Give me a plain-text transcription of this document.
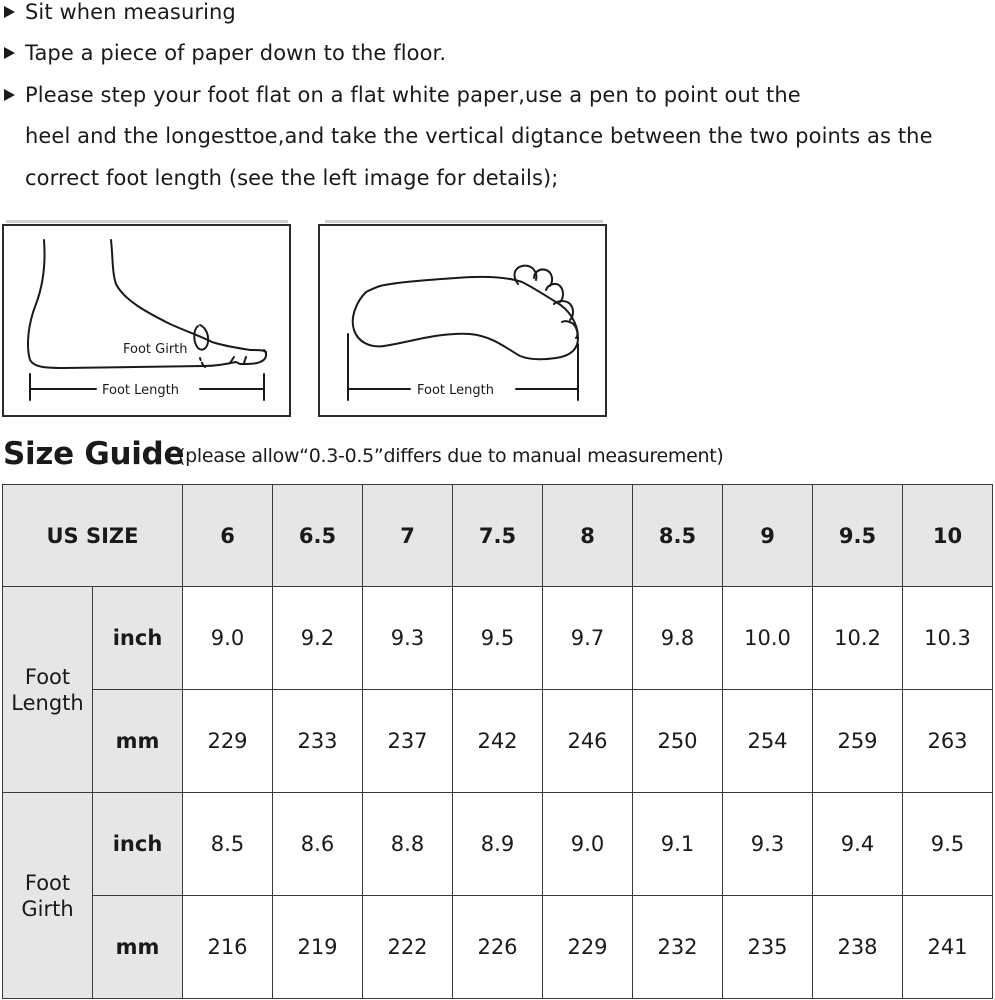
Sit when measuring
Tape a piece of paper down to the floor.
Please step your foot flat on a flat white paper,use a pen to point out the
heel and the longesttoe,and take the vertical digtance between the two points as the
correct foot length (see the left image for details);
Foot Girth
Foot Length	Foot Length
Size Guide
(please allow“0.3-0.5”differs due to manual measurement)
US SIZE		6	6.5	7	7.5	8	8.5	9	9.5	10

Foot
Length	inch	9.0	9.2	9.3	9.5	9.7	9.8	10.0	10.2	10.3
	mm	229	233	237	242	246	250	254	259	263

Foot
Girth	inch	8.5	8.6	8.8	8.9	9.0	9.1	9.3	9.4	9.5
	mm	216	219	222	226	229	232	235	238	241
